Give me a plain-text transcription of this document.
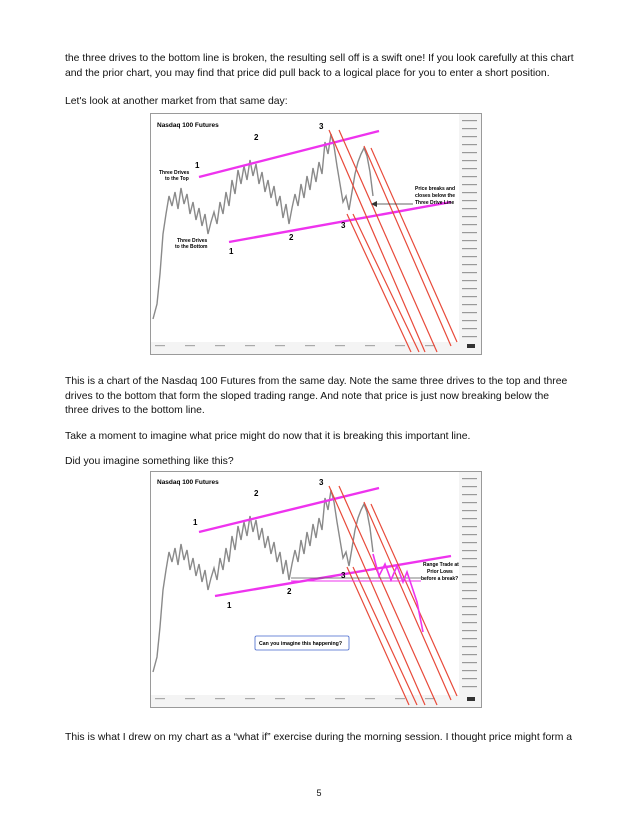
the three drives to the bottom line is broken, the resulting sell off is a swift one! If you look carefully at this chart and the prior chart, you may find that price did pull back to a logical place for you to enter a short position.

Let's look at another market from that same day:

Nasdaq 100 Futures
2
3
1
Three Drives
to the Top
2
3
1
Three Drives
to the Bottom
Price breaks and
closes below the
Three Drive Line

This is a chart of the Nasdaq 100 Futures from the same day. Note the same three drives to the top and three drives to the bottom that form the sloped trading range. And note that price is just now breaking below the three drives to the bottom line.

Take a moment to imagine what price might do now that it is breaking this important line.

Did you imagine something like this?

Can you imagine this happening?
Nasdaq 100 Futures
2
3
1
2
3
1
Range Trade at
Prior Lows
before a break?

This is what I drew on my chart as a “what if” exercise during the morning session. I thought price might form a

5
